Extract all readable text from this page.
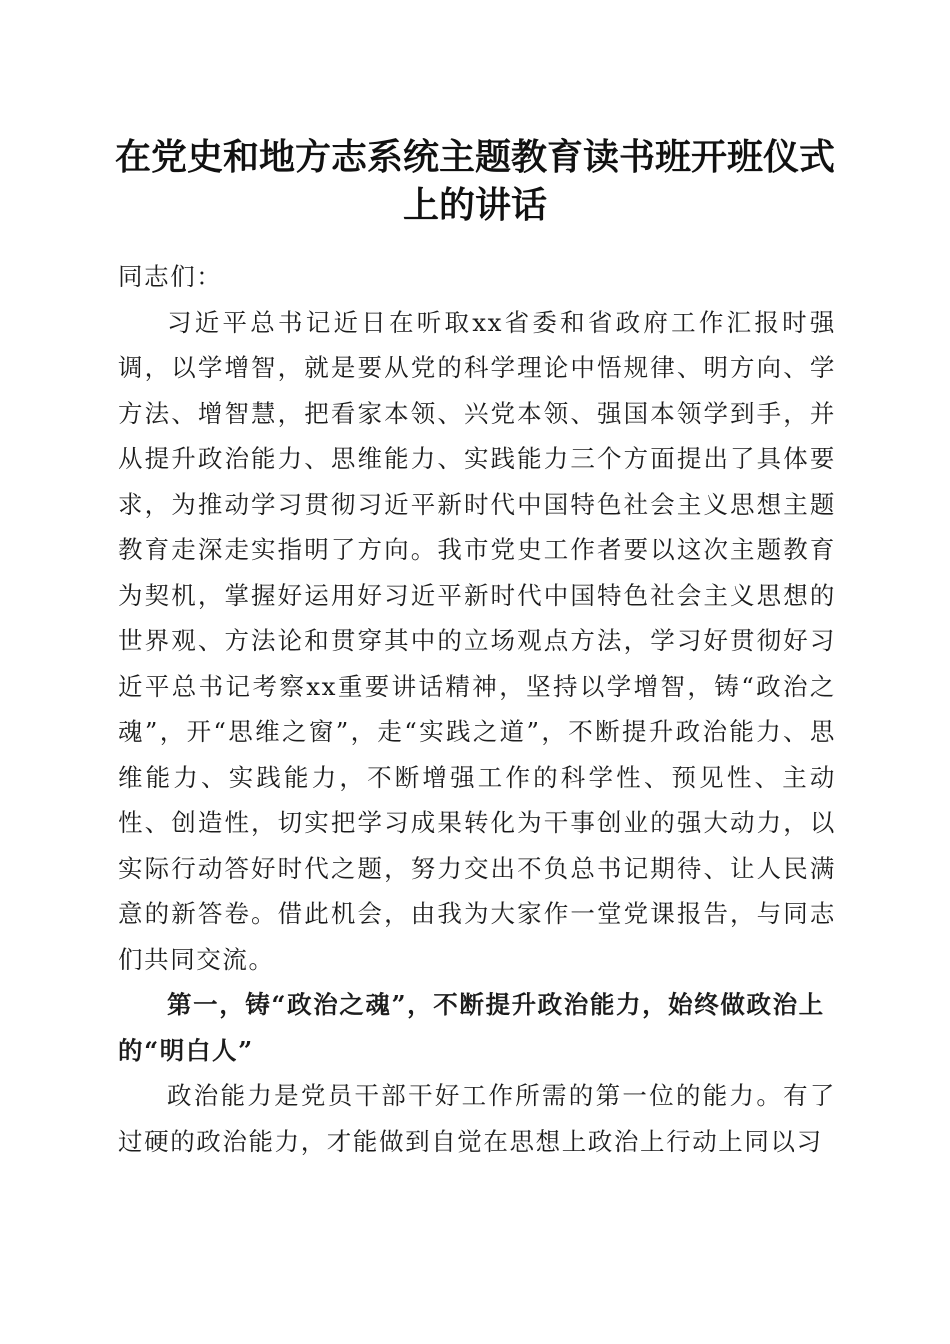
在党史和地方志系统主题教育读书班开班仪式上的讲话

同志们：

习近平总书记近日在听取xx省委和省政府工作汇报时强调，以学增智，就是要从党的科学理论中悟规律、明方向、学方法、增智慧，把看家本领、兴党本领、强国本领学到手，并从提升政治能力、思维能力、实践能力三个方面提出了具体要求，为推动学习贯彻习近平新时代中国特色社会主义思想主题教育走深走实指明了方向。我市党史工作者要以这次主题教育为契机，掌握好运用好习近平新时代中国特色社会主义思想的世界观、方法论和贯穿其中的立场观点方法，学习好贯彻好习近平总书记考察xx重要讲话精神，坚持以学增智，铸“政治之魂”，开“思维之窗”，走“实践之道”，不断提升政治能力、思维能力、实践能力，不断增强工作的科学性、预见性、主动性、创造性，切实把学习成果转化为干事创业的强大动力，以实际行动答好时代之题，努力交出不负总书记期待、让人民满意的新答卷。借此机会，由我为大家作一堂党课报告，与同志们共同交流。

第一，铸“政治之魂”，不断提升政治能力，始终做政治上的“明白人”

政治能力是党员干部干好工作所需的第一位的能力。有了过硬的政治能力，才能做到自觉在思想上政治上行动上同以习
